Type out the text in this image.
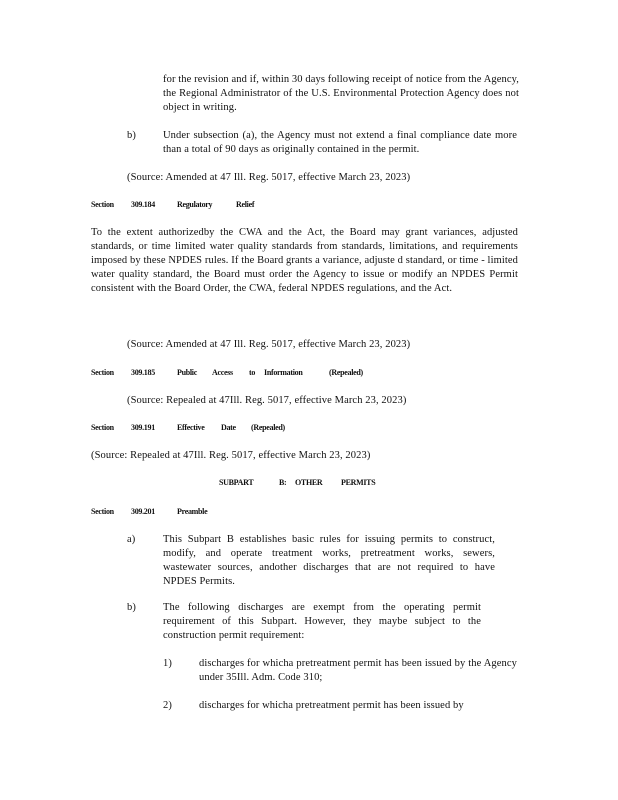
for the revision and if, within 30 days following receipt of notice from the Agency, the Regional Administrator of the U.S. Environmental Protection Agency does not object in writing.
b)	Under subsection (a), the Agency must not extend a final compliance date more than a total of 90 days as originally contained in the permit.
(Source: Amended at 47 Ill. Reg. 5017, effective March 23, 2023)
Section 309.184	Regulatory	Relief
To the extent authorizedby the CWA and the Act, the Board may grant variances, adjusted standards, or time limited water quality standards from standards, limitations, and requirements imposed by these NPDES rules. If the Board grants a variance, adjuste d standard, or time - limited water quality standard, the Board must order the Agency to issue or modify an NPDES Permit consistent with the Board Order, the CWA, federal NPDES regulations, and the Act.
(Source: Amended at 47 Ill. Reg. 5017, effective March 23, 2023)
Section 309.185	Public Access to Information	(Repealed)
(Source: Repealed at 47Ill. Reg. 5017, effective March 23, 2023)
Section 309.191	Effective Date (Repealed)
(Source: Repealed at 47Ill. Reg. 5017, effective March 23, 2023)
SUBPART	B: OTHER PERMITS
Section 309.201	Preamble
a)	This Subpart B establishes basic rules for issuing permits to construct, modify, and operate treatment works, pretreatment works, sewers, wastewater sources, andother discharges that are not required to have NPDES Permits.
b)	The following discharges are exempt from the operating permit requirement of this Subpart. However, they maybe subject to the construction permit requirement:
1)	discharges for whicha pretreatment permit has been issued by the Agency under 35Ill. Adm. Code 310;
2)	discharges for whicha pretreatment permit has been issued by
